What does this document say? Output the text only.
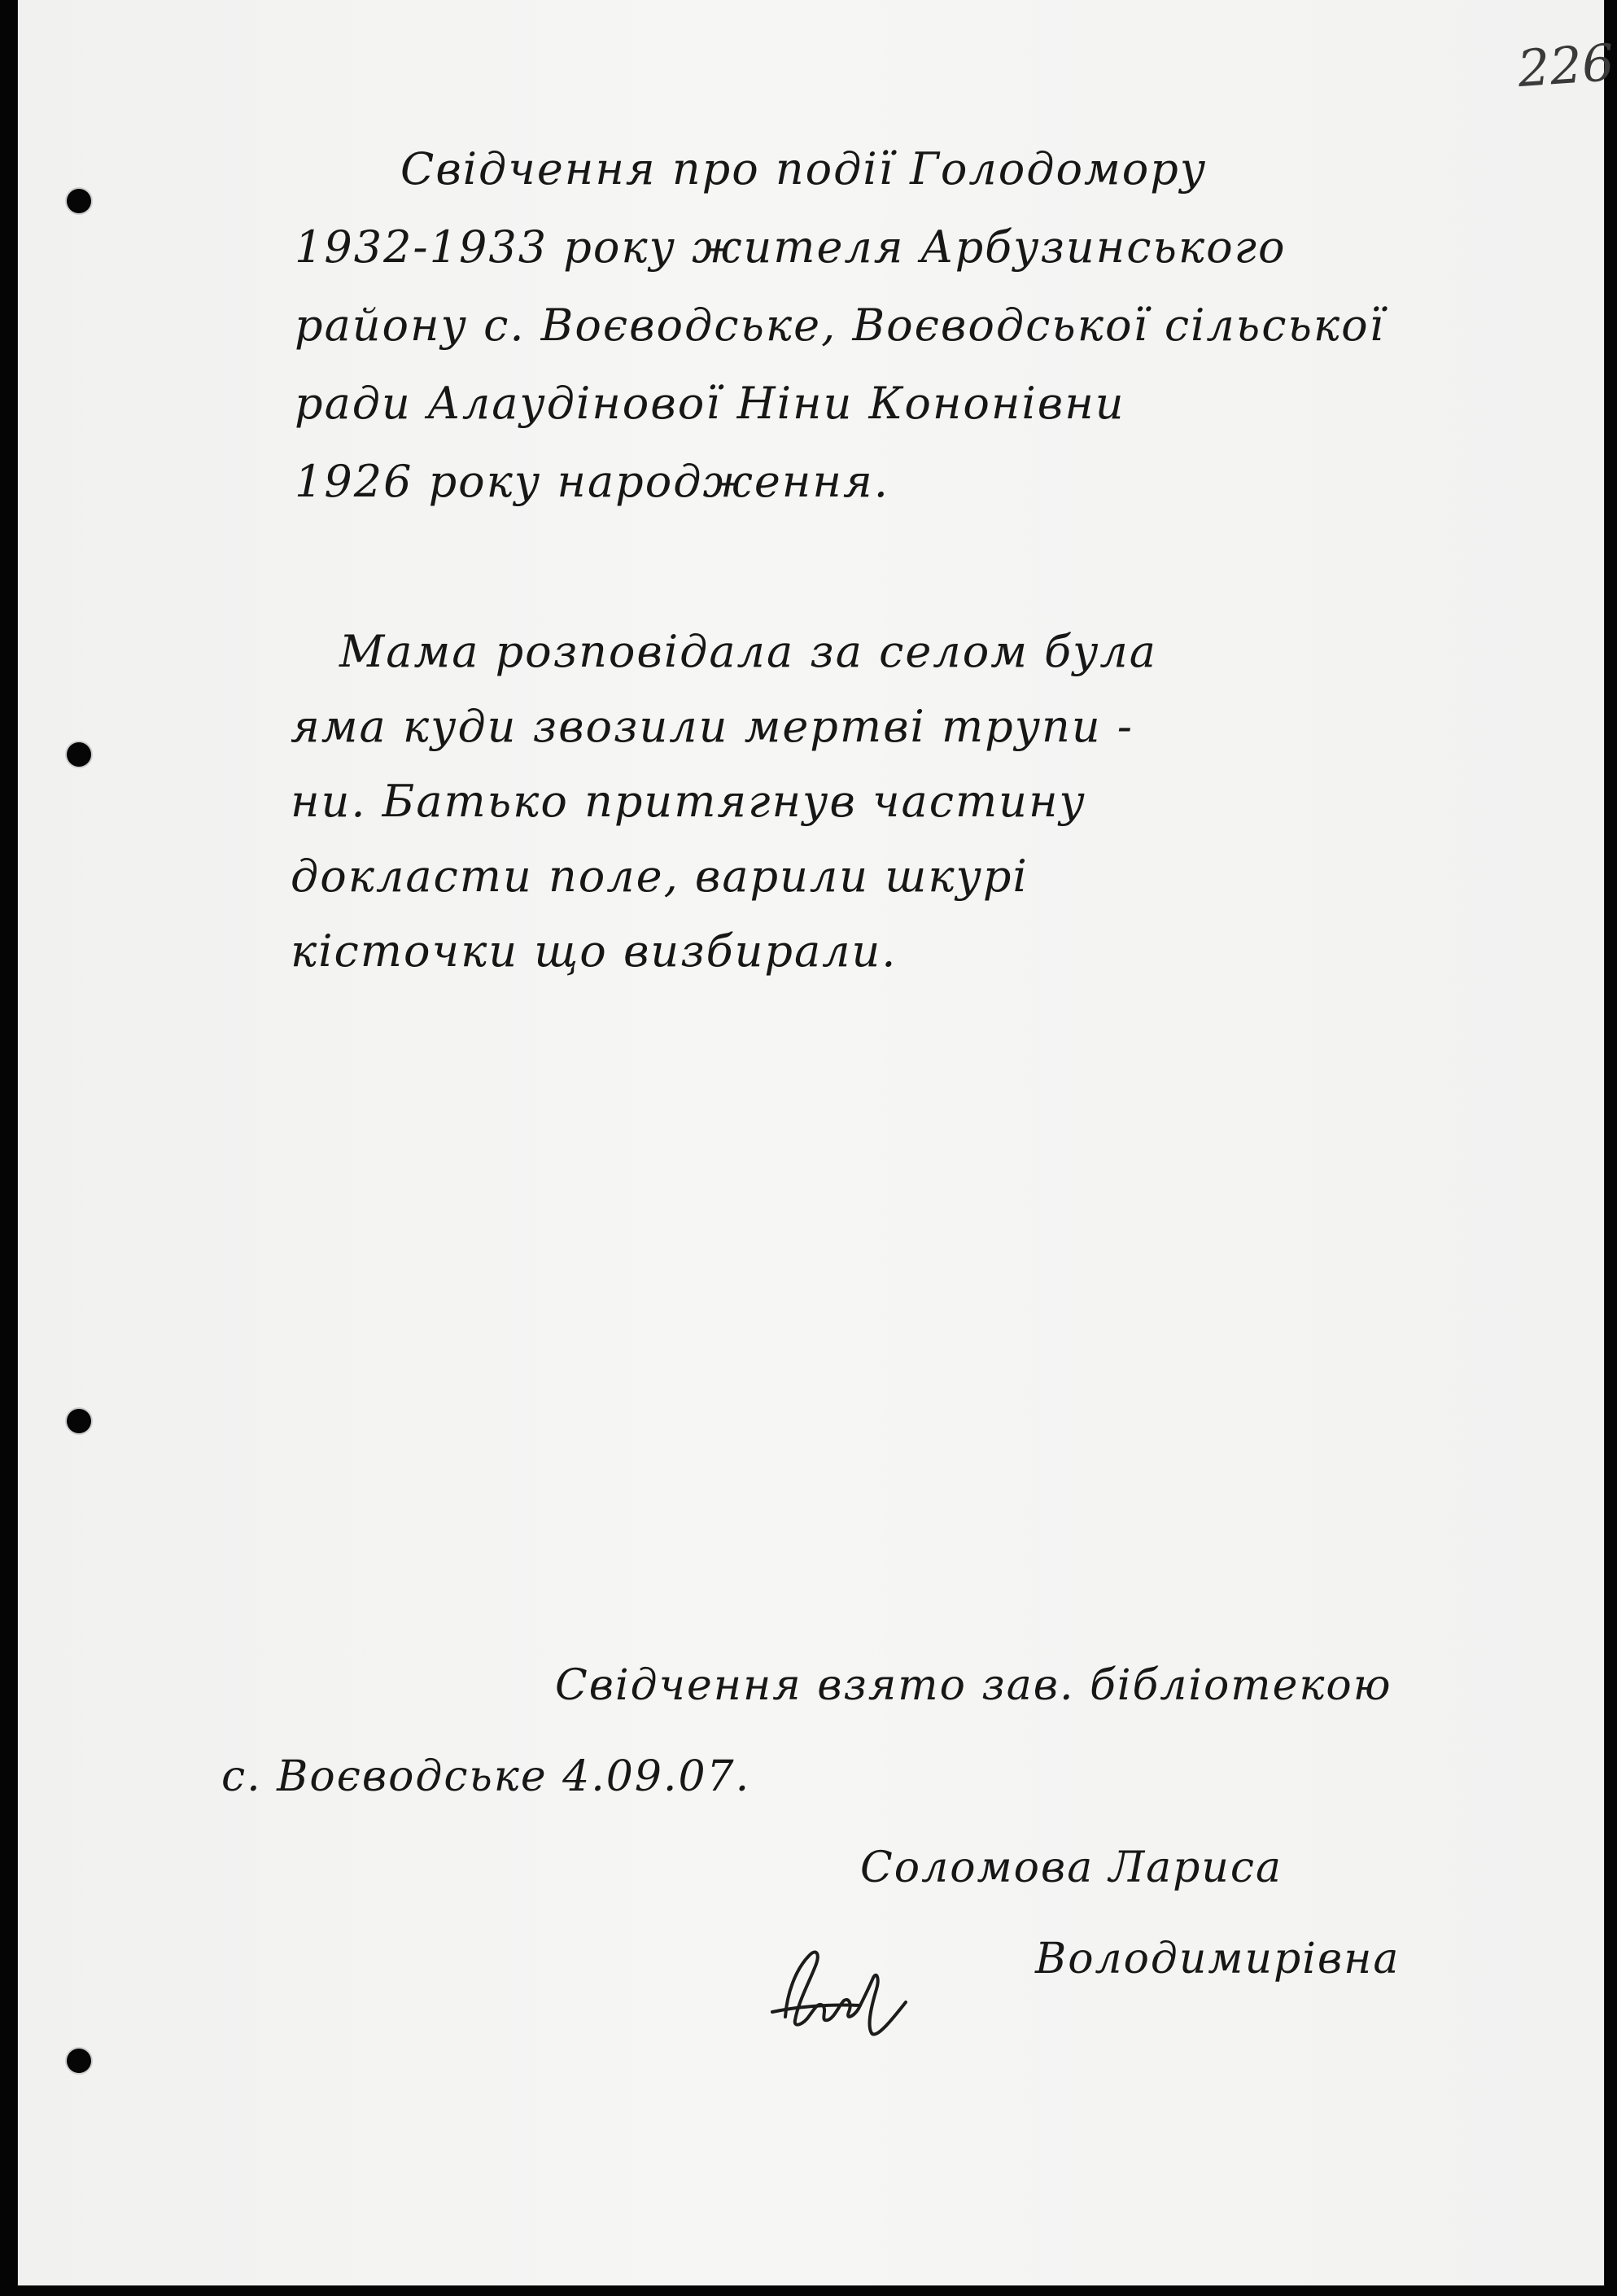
226
Свідчення про події Голодомору
1932-1933 року жителя Арбузинського
району с. Воєводське, Воєводської сільської
ради Алаудінової Ніни Кононівни
1926 року народження.
Мама розповідала за селом була
яма куди звозили мертві трупи -
ни. Батько притягнув частину
докласти поле, варили шкурі
кісточки що визбирали.
Свідчення взято зав. бібліотекою
с. Воєводське 4.09.07.
Соломова Лариса
Володимирівна
